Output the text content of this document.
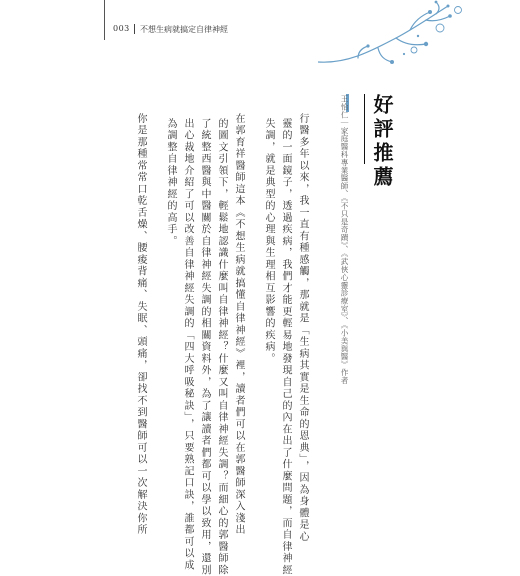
003 不想生病就搞定自律神經
好評推薦
王怡仁｜家庭醫科專業醫師、《不只是奇蹟》、《武俠心靈診療室》、《小美與醫》作者
行醫多年以來，我一直有種感觸，那就是「生病其實是生命的恩典」，因為身體是心
靈的一面鏡子，透過疾病，我們才能更輕易地發現自己的內在出了什麼問題，而自律神經
失調，就是典型的心理與生理相互影響的疾病。
在郭育祥醫師這本《不想生病就搞懂自律神經》裡，讀者們可以在郭醫師深入淺出
的圖文引領下，輕鬆地認識什麼叫自律神經？什麼又叫自律神經失調？而細心的郭醫師除
了統整西醫與中醫關於自律神經失調的相關資料外，為了讓讀者們都可以學以致用，還別
出心裁地介紹了可以改善自律神經失調的「四大呼吸秘訣」，只要熟記口訣，誰都可以成
為調整自律神經的高手。
你是那種常常口乾舌燥、腰痠背痛、失眠、頭痛，卻找不到醫師可以一次解決你所
